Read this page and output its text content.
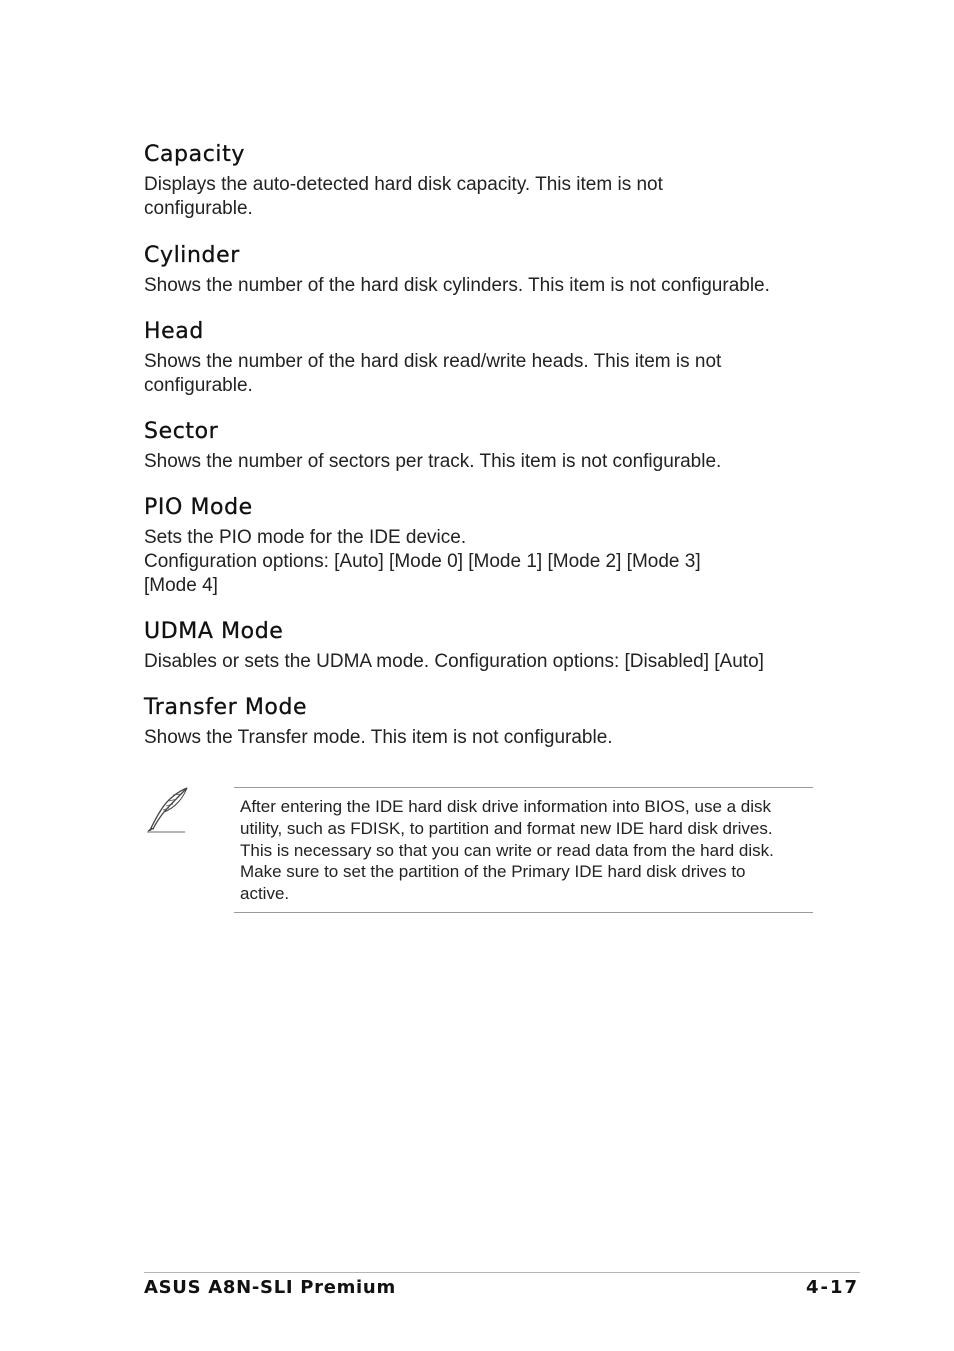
Capacity

Displays the auto-detected hard disk capacity. This item is not
configurable.

Cylinder

Shows the number of the hard disk cylinders. This item is not configurable.

Head

Shows the number of the hard disk read/write heads. This item is not
configurable.

Sector

Shows the number of sectors per track. This item is not configurable.

PIO Mode

Sets the PIO mode for the IDE device.
Configuration options: [Auto] [Mode 0] [Mode 1] [Mode 2] [Mode 3]
[Mode 4]

UDMA Mode

Disables or sets the UDMA mode. Configuration options: [Disabled] [Auto]

Transfer Mode

Shows the Transfer mode. This item is not configurable.

After entering the IDE hard disk drive information into BIOS, use a disk
utility, such as FDISK, to partition and format new IDE hard disk drives.
This is necessary so that you can write or read data from the hard disk.
Make sure to set the partition of the Primary IDE hard disk drives to
active.

ASUS A8N-SLI Premium	4-17
